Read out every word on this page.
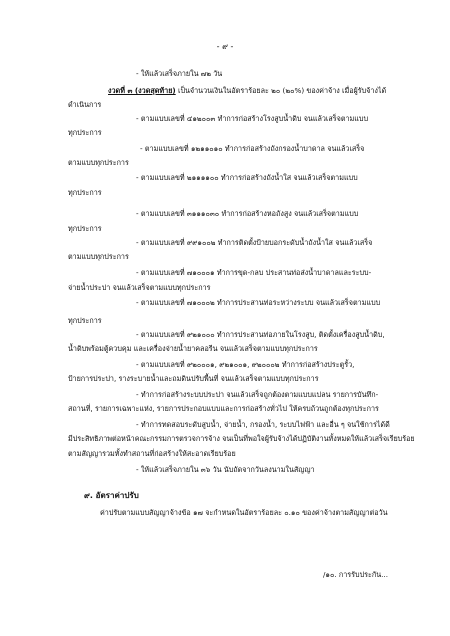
- ๙ -
- ให้แล้วเสร็จภายใน ๗๒ วัน
งวดที่ ๓ (งวดสุดท้าย) เป็นจำนวนเงินในอัตราร้อยละ ๒๐ (๒๐%) ของค่าจ้าง เมื่อผู้รับจ้างได้
ดำเนินการ
- ตามแบบเลขที่ ๔๑๒๐๐๓ ทำการก่อสร้างโรงสูบน้ำดิบ จนแล้วเสร็จตามแบบ
ทุกประการ
- ตามแบบเลขที่ ๑๒๑๑๐๑๐ ทำการก่อสร้างถังกรองน้ำบาดาล จนแล้วเสร็จ
ตามแบบทุกประการ
- ตามแบบเลขที่ ๒๑๑๑๑๐๐ ทำการก่อสร้างถังน้ำใส จนแล้วเสร็จตามแบบ
ทุกประการ
- ตามแบบเลขที่ ๓๑๑๑๐๓๐ ทำการก่อสร้างหอถังสูง จนแล้วเสร็จตามแบบ
ทุกประการ
- ตามแบบเลขที่ ๙๙๑๐๐๒ ทำการติดตั้งป้ายบอกระดับน้ำถังน้ำใส จนแล้วเสร็จ
ตามแบบทุกประการ
- ตามแบบเลขที่ ๗๑๐๐๐๑ ทำการขุด-กลบ ประสานท่อส่งน้ำบาดาลและระบบ-
จ่ายน้ำประปา จนแล้วเสร็จตามแบบทุกประการ
- ตามแบบเลขที่ ๗๑๐๐๐๒ ทำการประสานท่อระหว่างระบบ จนแล้วเสร็จตามแบบ
ทุกประการ
- ตามแบบเลขที่ ๙๒๑๐๐๐ ทำการประสานท่อภายในโรงสูบ, ติดตั้งเครื่องสูบน้ำดิบ,
น้ำดิบพร้อมตู้ควบคุม และเครื่องจ่ายน้ำยาคลอรีน จนแล้วเสร็จตามแบบทุกประการ
- ตามแบบเลขที่ ๙๒๐๐๐๑, ๙๒๑๐๐๑, ๙๒๐๐๐๒ ทำการก่อสร้างประตูรั้ว,
ป้ายการประปา, รางระบายน้ำและถมดินปรับพื้นที่ จนแล้วเสร็จตามแบบทุกประการ
- ทำการก่อสร้างระบบประปา จนแล้วเสร็จถูกต้องตามแบบแปลน รายการบันทึก-
สถานที่, รายการเฉพาะแห่ง, รายการประกอบแบบและการก่อสร้างทั่วไป ให้ครบถ้วนถูกต้องทุกประการ
- ทำการทดสอบระดับสูบน้ำ, จ่ายน้ำ, กรองน้ำ, ระบบไฟฟ้า และอื่น ๆ จนใช้การได้ดี
มีประสิทธิภาพต่อหน้าคณะกรรมการตรวจการจ้าง จนเป็นที่พอใจผู้รับจ้างได้ปฏิบัติงานทั้งหมดให้แล้วเสร็จเรียบร้อย
ตามสัญญารวมทั้งทำสถานที่ก่อสร้างให้สะอาดเรียบร้อย
- ให้แล้วเสร็จภายใน ๓๖ วัน นับถัดจากวันลงนามในสัญญา
๙. อัตราค่าปรับ
ค่าปรับตามแบบสัญญาจ้างข้อ ๑๗ จะกำหนดในอัตราร้อยละ ๐.๑๐ ของค่าจ้างตามสัญญาต่อวัน
/๑๐. การรับประกัน...
